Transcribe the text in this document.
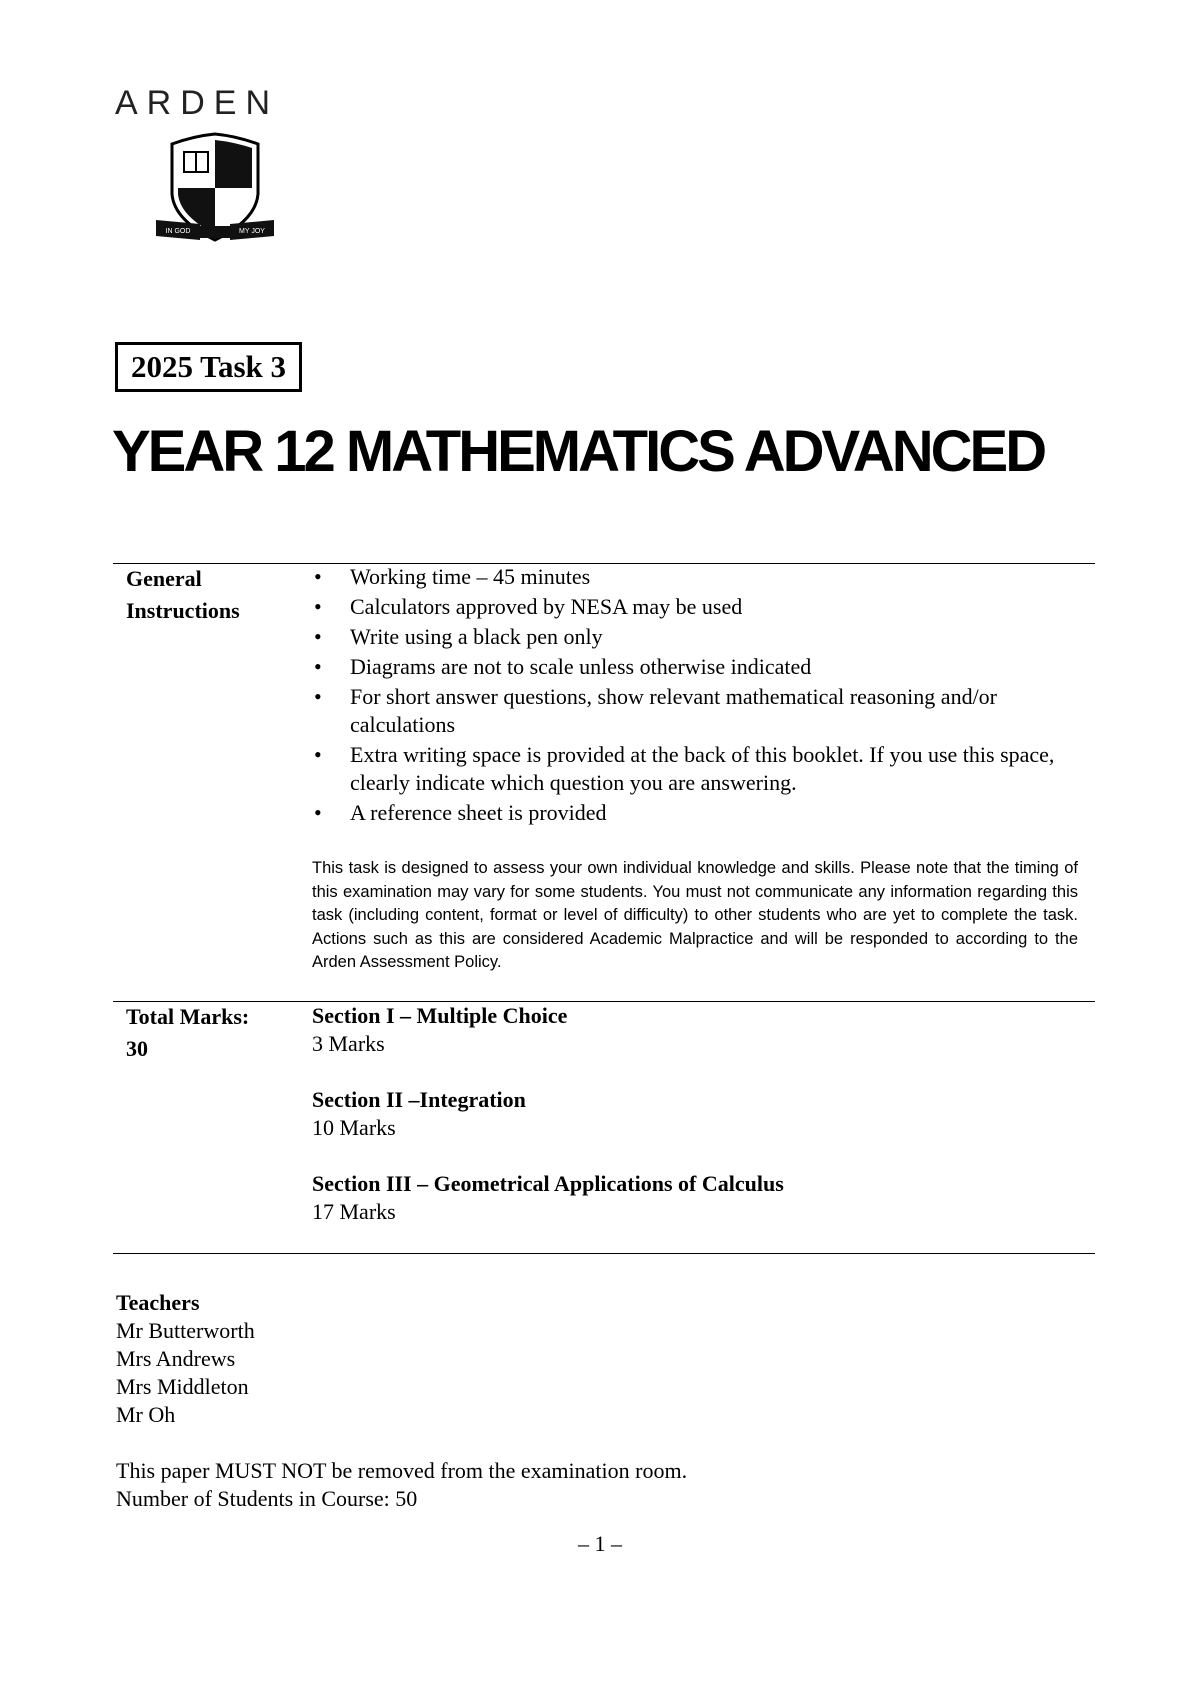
ARDEN
IN GOD	MY JOY
2025 Task 3
YEAR 12 MATHEMATICS ADVANCED
General
Instructions
• Working time – 45 minutes
• Calculators approved by NESA may be used
• Write using a black pen only
• Diagrams are not to scale unless otherwise indicated
• For short answer questions, show relevant mathematical reasoning and/or calculations
• Extra writing space is provided at the back of this booklet. If you use this space, clearly indicate which question you are answering.
• A reference sheet is provided
This task is designed to assess your own individual knowledge and skills. Please note that the timing of this examination may vary for some students. You must not communicate any information regarding this task (including content, format or level of difficulty) to other students who are yet to complete the task. Actions such as this are considered Academic Malpractice and will be responded to according to the Arden Assessment Policy.
Total Marks:
30
Section I – Multiple Choice
3 Marks
Section II –Integration
10 Marks
Section III – Geometrical Applications of Calculus
17 Marks
Teachers
Mr Butterworth
Mrs Andrews
Mrs Middleton
Mr Oh
This paper MUST NOT be removed from the examination room.
Number of Students in Course: 50
– 1 –
